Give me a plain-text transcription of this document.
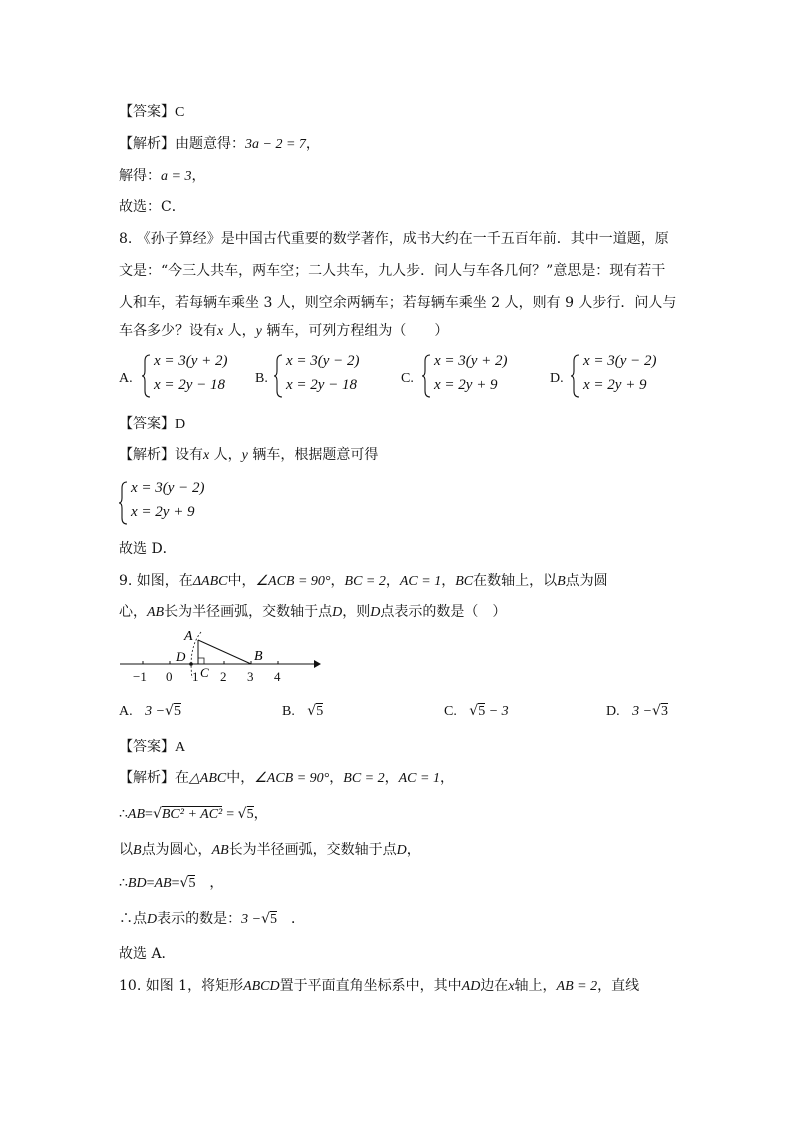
【答案】C
【解析】由题意得：3a − 2 = 7，
解得：a = 3，
故选：C．
8. 《孙子算经》是中国古代重要的数学著作，成书大约在一千五百年前．其中一道题，原
文是：“今三人共车，两车空；二人共车，九人步．问人与车各几何？”意思是：现有若干
人和车，若每辆车乘坐 3 人，则空余两辆车；若每辆车乘坐 2 人，则有 9 人步行．问人与
车各多少？设有x 人，y 辆车，可列方程组为（　　）
A.
x = 3(y + 2)
x = 2y − 18 B.
x = 3(y − 2)
x = 2y − 18	C.
x = 3(y + 2)
x = 2y + 9	D.
x = 3(y − 2)
x = 2y + 9
【答案】D
【解析】设有x 人，y 辆车，根据题意可得
x = 3(y − 2)
x = 2y + 9
故选 D．
9. 如图，在ΔABC中，∠ACB = 90°，BC = 2，AC = 1，BC在数轴上，以B点为圆
心，AB长为半径画弧，交数轴于点D，则D点表示的数是（　）
A
B
C
D
−1 0 1 2 3 4
A. 3 −√5	B. √5	C. √5 − 3	D. 3 −√3
【答案】A
【解析】在△ABC中，∠ACB = 90°，BC = 2，AC = 1，
∴AB=√BC² + AC² = √5，
以B点为圆心，AB长为半径画弧，交数轴于点D，
∴BD=AB=√5　，
∴点D表示的数是：3 −√5　．
故选 A．
10. 如图 1，将矩形ABCD置于平面直角坐标系中，其中AD边在x轴上，AB = 2，直线
